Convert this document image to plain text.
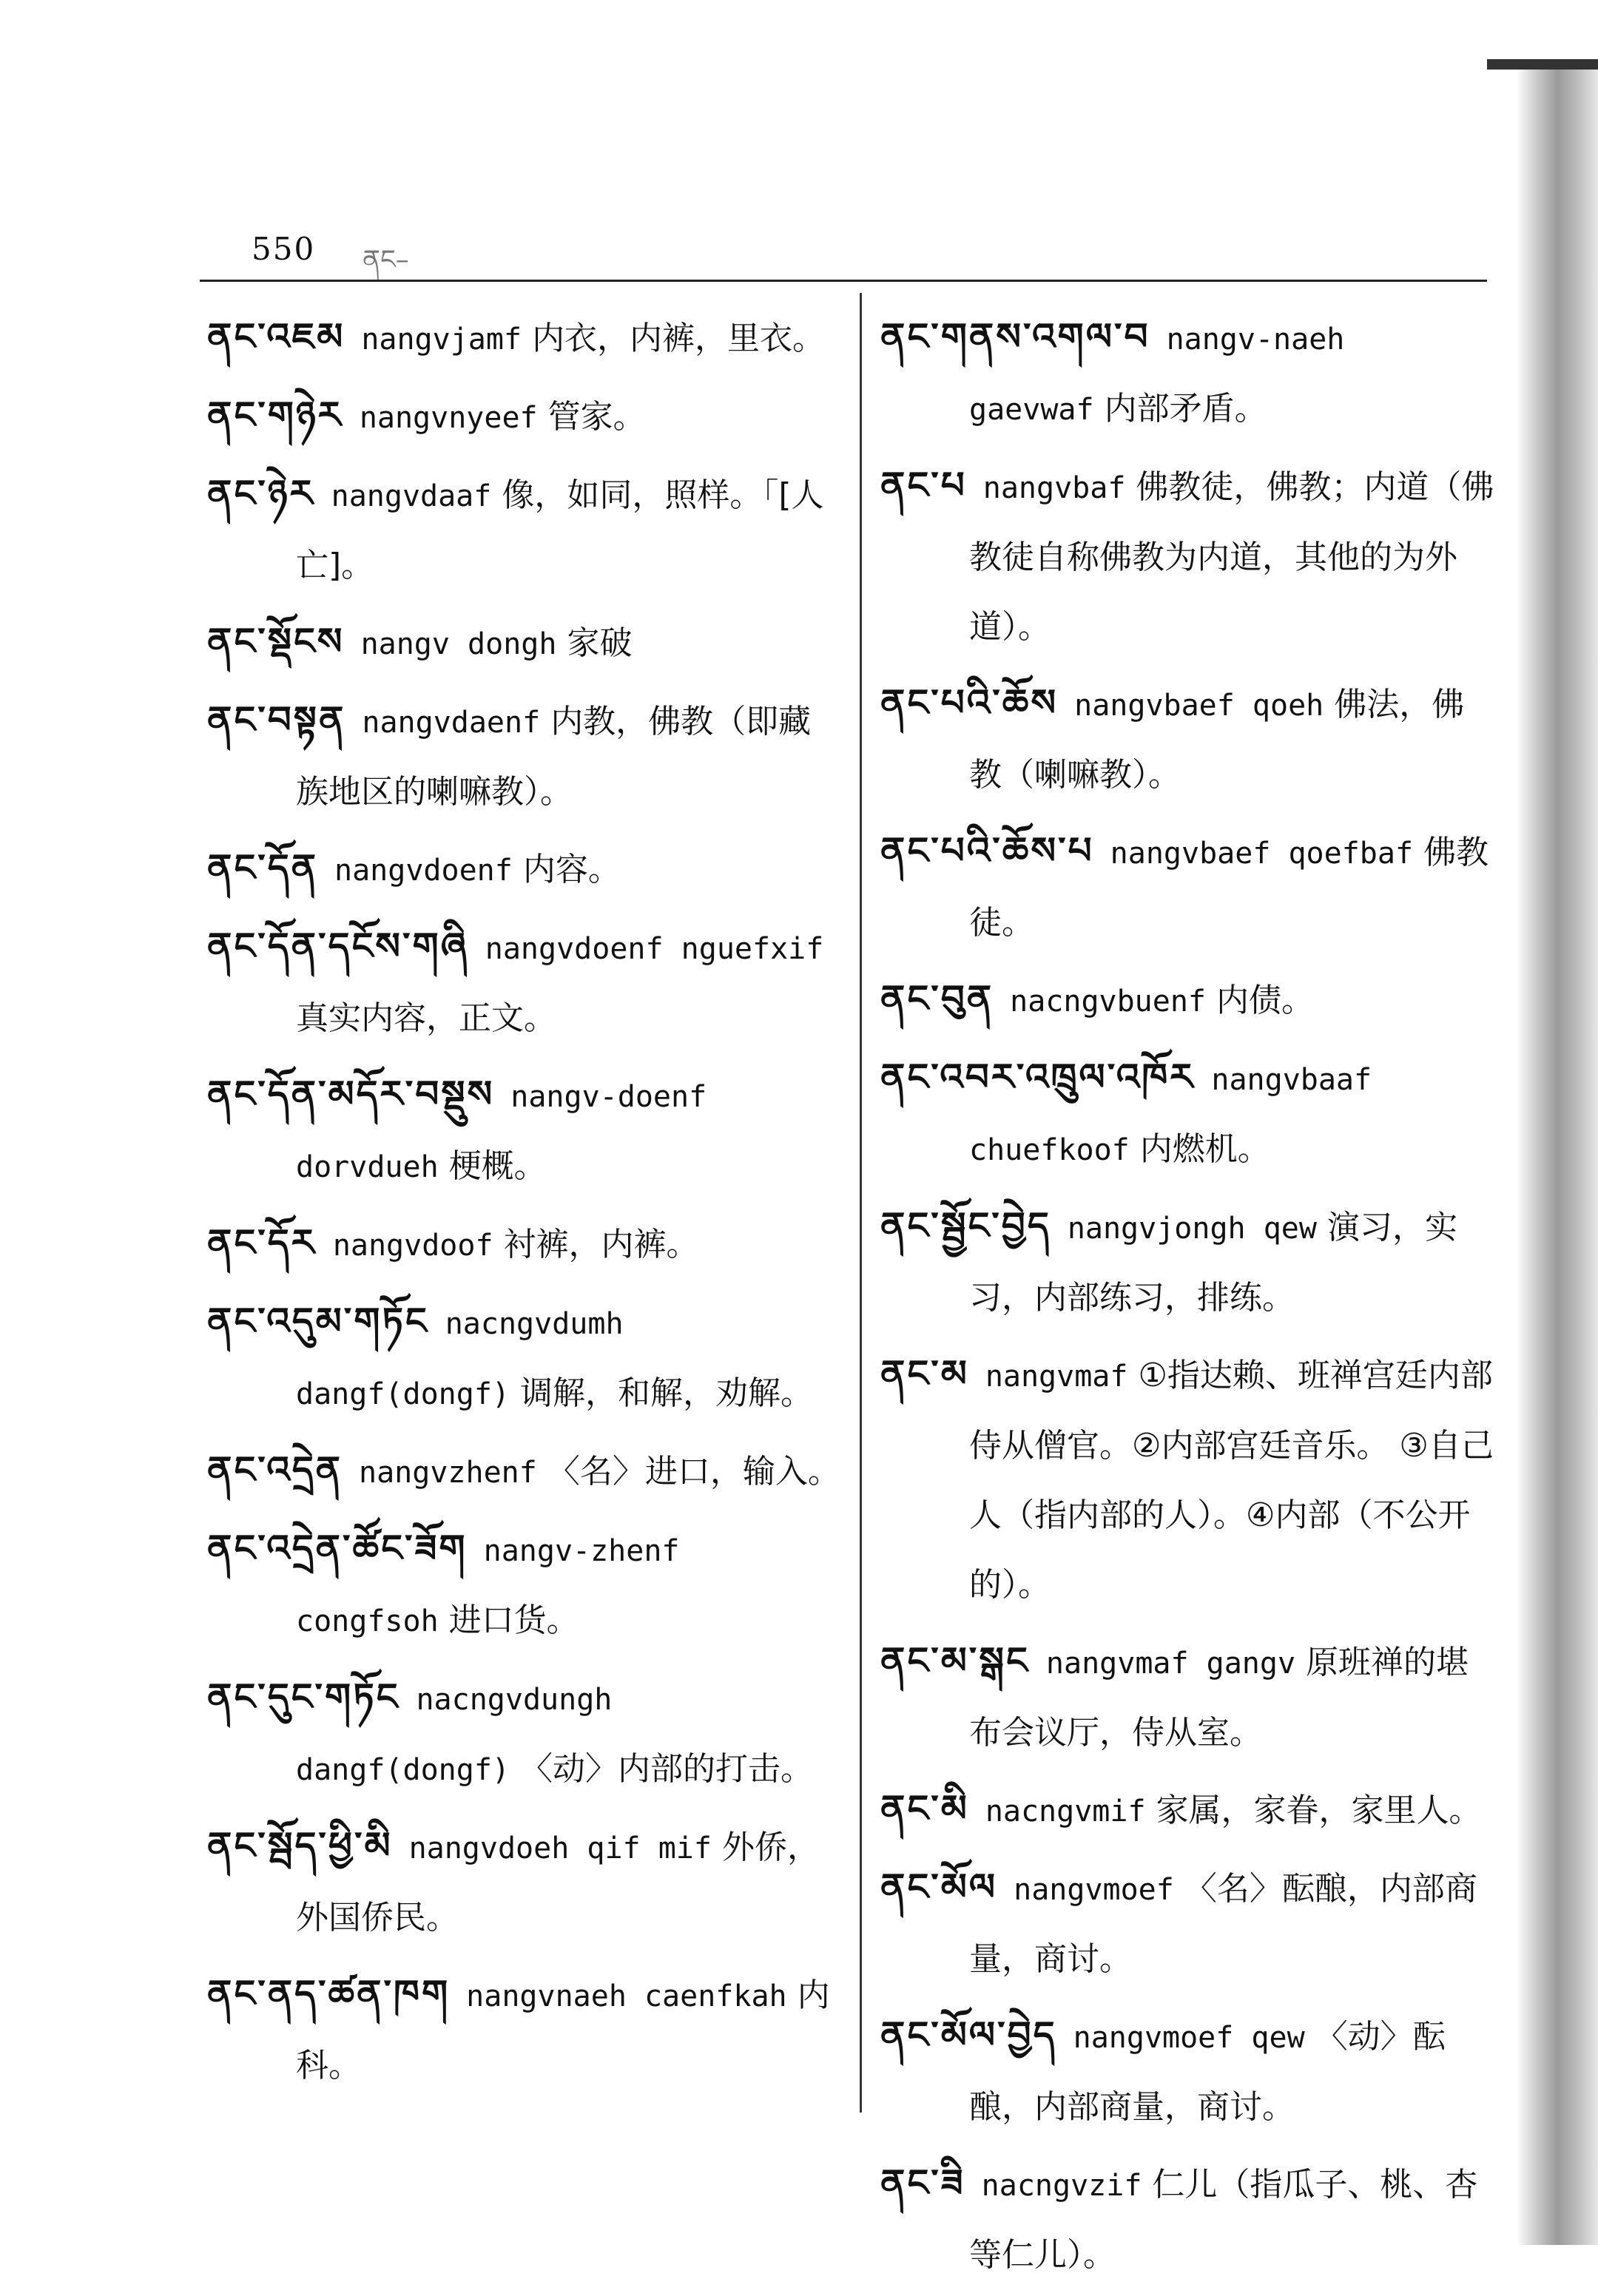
550 ནང–
ནང་འཇམ nangvjamf 内衣，内裤，里衣。
ནང་གཉེར nangvnyeef 管家。
ནང་ཉེར nangvdaaf 像，如同，照样。「[人亡]。
ནང་སྡོངས nangv dongh 家破
ནང་བསྟན nangvdaenf 内教，佛教（即藏族地区的喇嘛教）。
ནང་དོན nangvdoenf 内容。
ནང་དོན་དངོས་གཞི nangvdoenf nguefxif真实内容，正文。
ནང་དོན་མདོར་བསྡུས nangv-doenf dorvdueh 梗概。
ནང་དོར nangvdoof 衬裤，内裤。
ནང་འདུམ་གཏོང nacngvdumh dangf(dongf) 调解，和解，劝解。
ནང་འདྲེན nangvzhenf 〈名〉进口，输入。
ནང་འདྲེན་ཚོང་ཟོག nangv-zhenf congfsoh 进口货。
ནང་དུང་གཏོང nacngvdungh dangf(dongf) 〈动〉内部的打击。
ནང་སྦོད་ཕྱི་མི nangvdoeh qif mif 外侨，外国侨民。
ནང་ནད་ཚན་ཁག nangvnaeh caenfkah 内科。
ནང་གནས་འགལ་བ nangv-naeh gaevwaf 内部矛盾。
ནང་པ nangvbaf 佛教徒，佛教；内道（佛教徒自称佛教为内道，其他的为外道）。
ནང་པའི་ཆོས nangvbaef qoeh 佛法，佛教（喇嘛教）。
ནང་པའི་ཆོས་པ nangvbaef qoefbaf 佛教徒。
ནང་བུན nacngvbuenf 内债。
ནང་འབར་འཁྲུལ་འཁོར nangvbaaf chuefkoof 内燃机。
ནང་སྦྱོང་བྱེད nangvjongh qew 演习，实习，内部练习，排练。
ནང་མ nangvmaf ①指达赖、班禅宫廷内部侍从僧官。②内部宫廷音乐。 ③自己人（指内部的人）。④内部（不公开的）。
ནང་མ་སྒང nangvmaf gangv 原班禅的堪布会议厅，侍从室。
ནང་མི nacngvmif 家属，家眷，家里人。
ནང་མོལ nangvmoef 〈名〉酝酿，内部商量，商讨。
ནང་མོལ་བྱེད nangvmoef qew 〈动〉酝酿，内部商量，商讨。
ནང་ཟི nacngvzif 仁儿（指瓜子、桃、杏等仁儿）。
